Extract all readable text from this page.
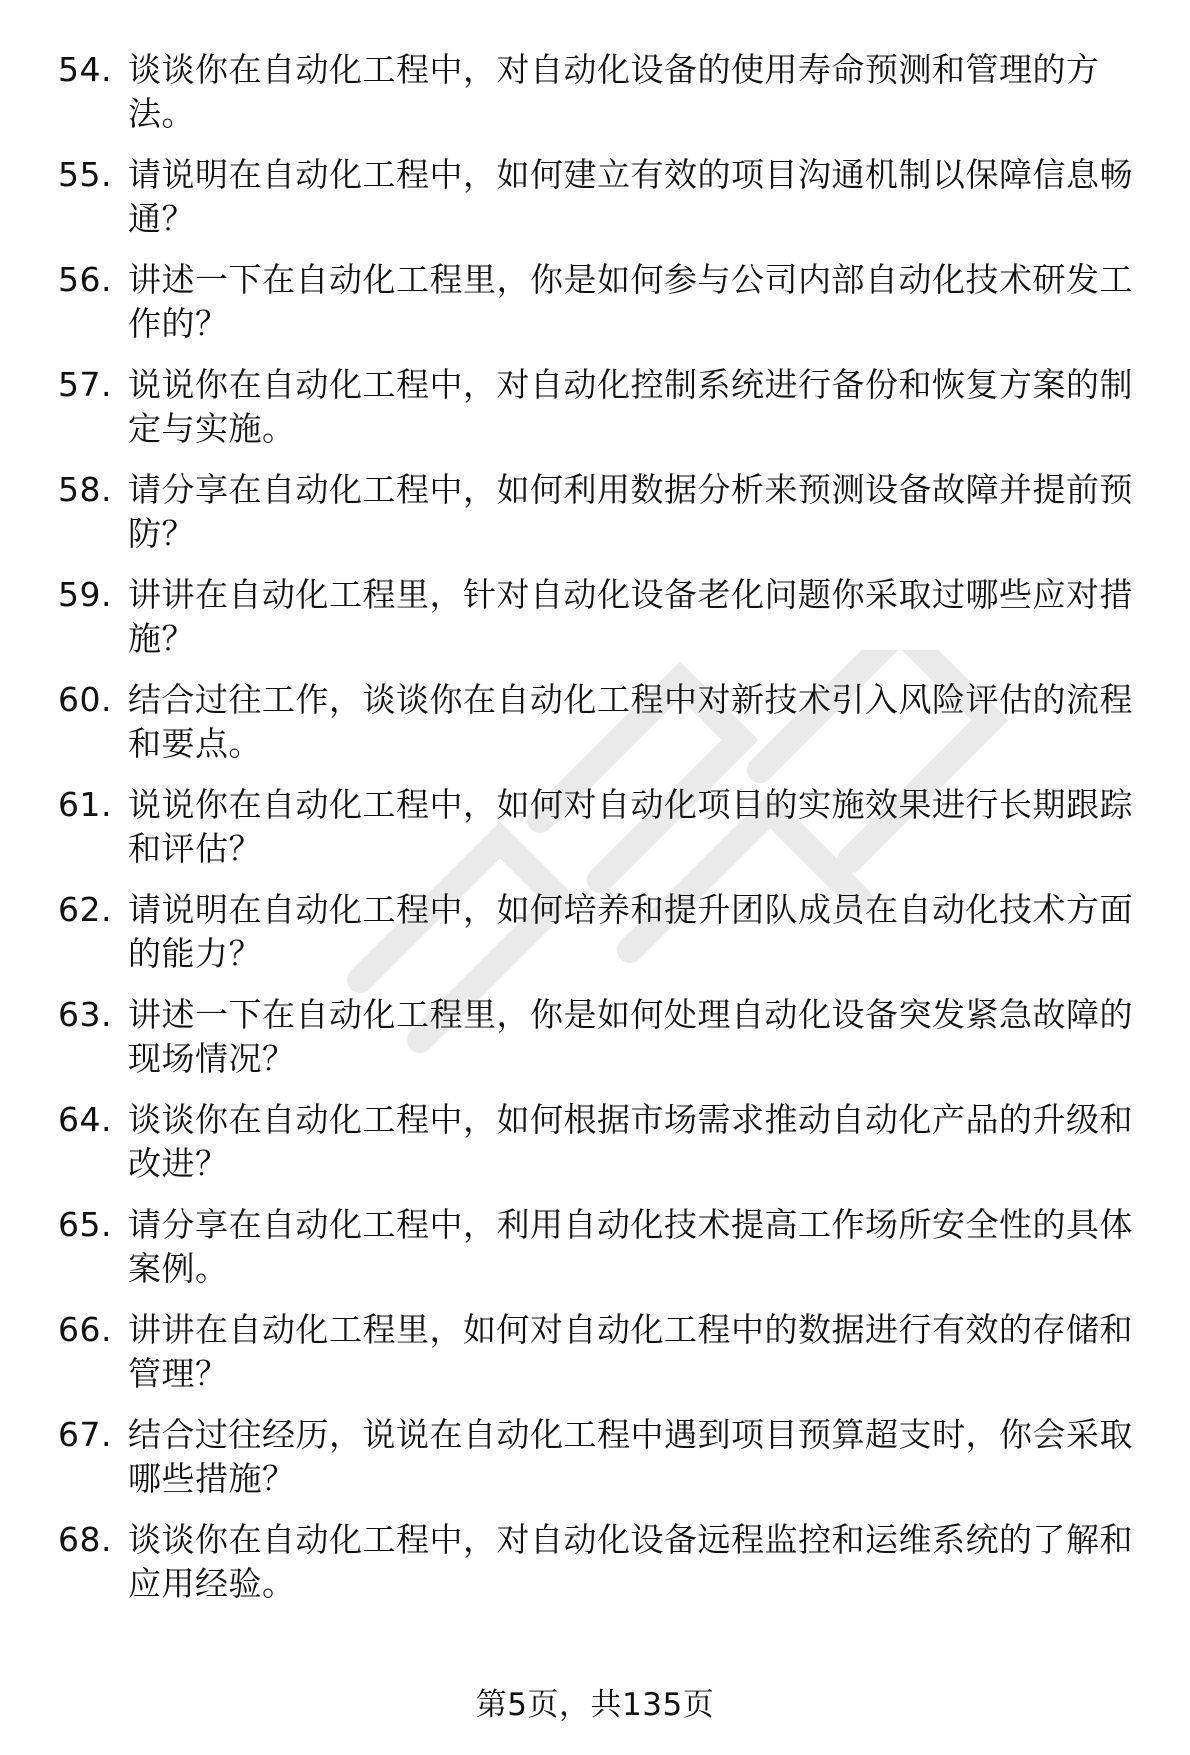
54. 谈谈你在自动化工程中，对自动化设备的使用寿命预测和管理的方法。
55. 请说明在自动化工程中，如何建立有效的项目沟通机制以保障信息畅通？
56. 讲述一下在自动化工程里，你是如何参与公司内部自动化技术研发工作的？
57. 说说你在自动化工程中，对自动化控制系统进行备份和恢复方案的制定与实施。
58. 请分享在自动化工程中，如何利用数据分析来预测设备故障并提前预防？
59. 讲讲在自动化工程里，针对自动化设备老化问题你采取过哪些应对措施？
60. 结合过往工作，谈谈你在自动化工程中对新技术引入风险评估的流程和要点。
61. 说说你在自动化工程中，如何对自动化项目的实施效果进行长期跟踪和评估？
62. 请说明在自动化工程中，如何培养和提升团队成员在自动化技术方面的能力？
63. 讲述一下在自动化工程里，你是如何处理自动化设备突发紧急故障的现场情况？
64. 谈谈你在自动化工程中，如何根据市场需求推动自动化产品的升级和改进？
65. 请分享在自动化工程中，利用自动化技术提高工作场所安全性的具体案例。
66. 讲讲在自动化工程里，如何对自动化工程中的数据进行有效的存储和管理？
67. 结合过往经历，说说在自动化工程中遇到项目预算超支时，你会采取哪些措施？
68. 谈谈你在自动化工程中，对自动化设备远程监控和运维系统的了解和应用经验。
第5页，共135页
